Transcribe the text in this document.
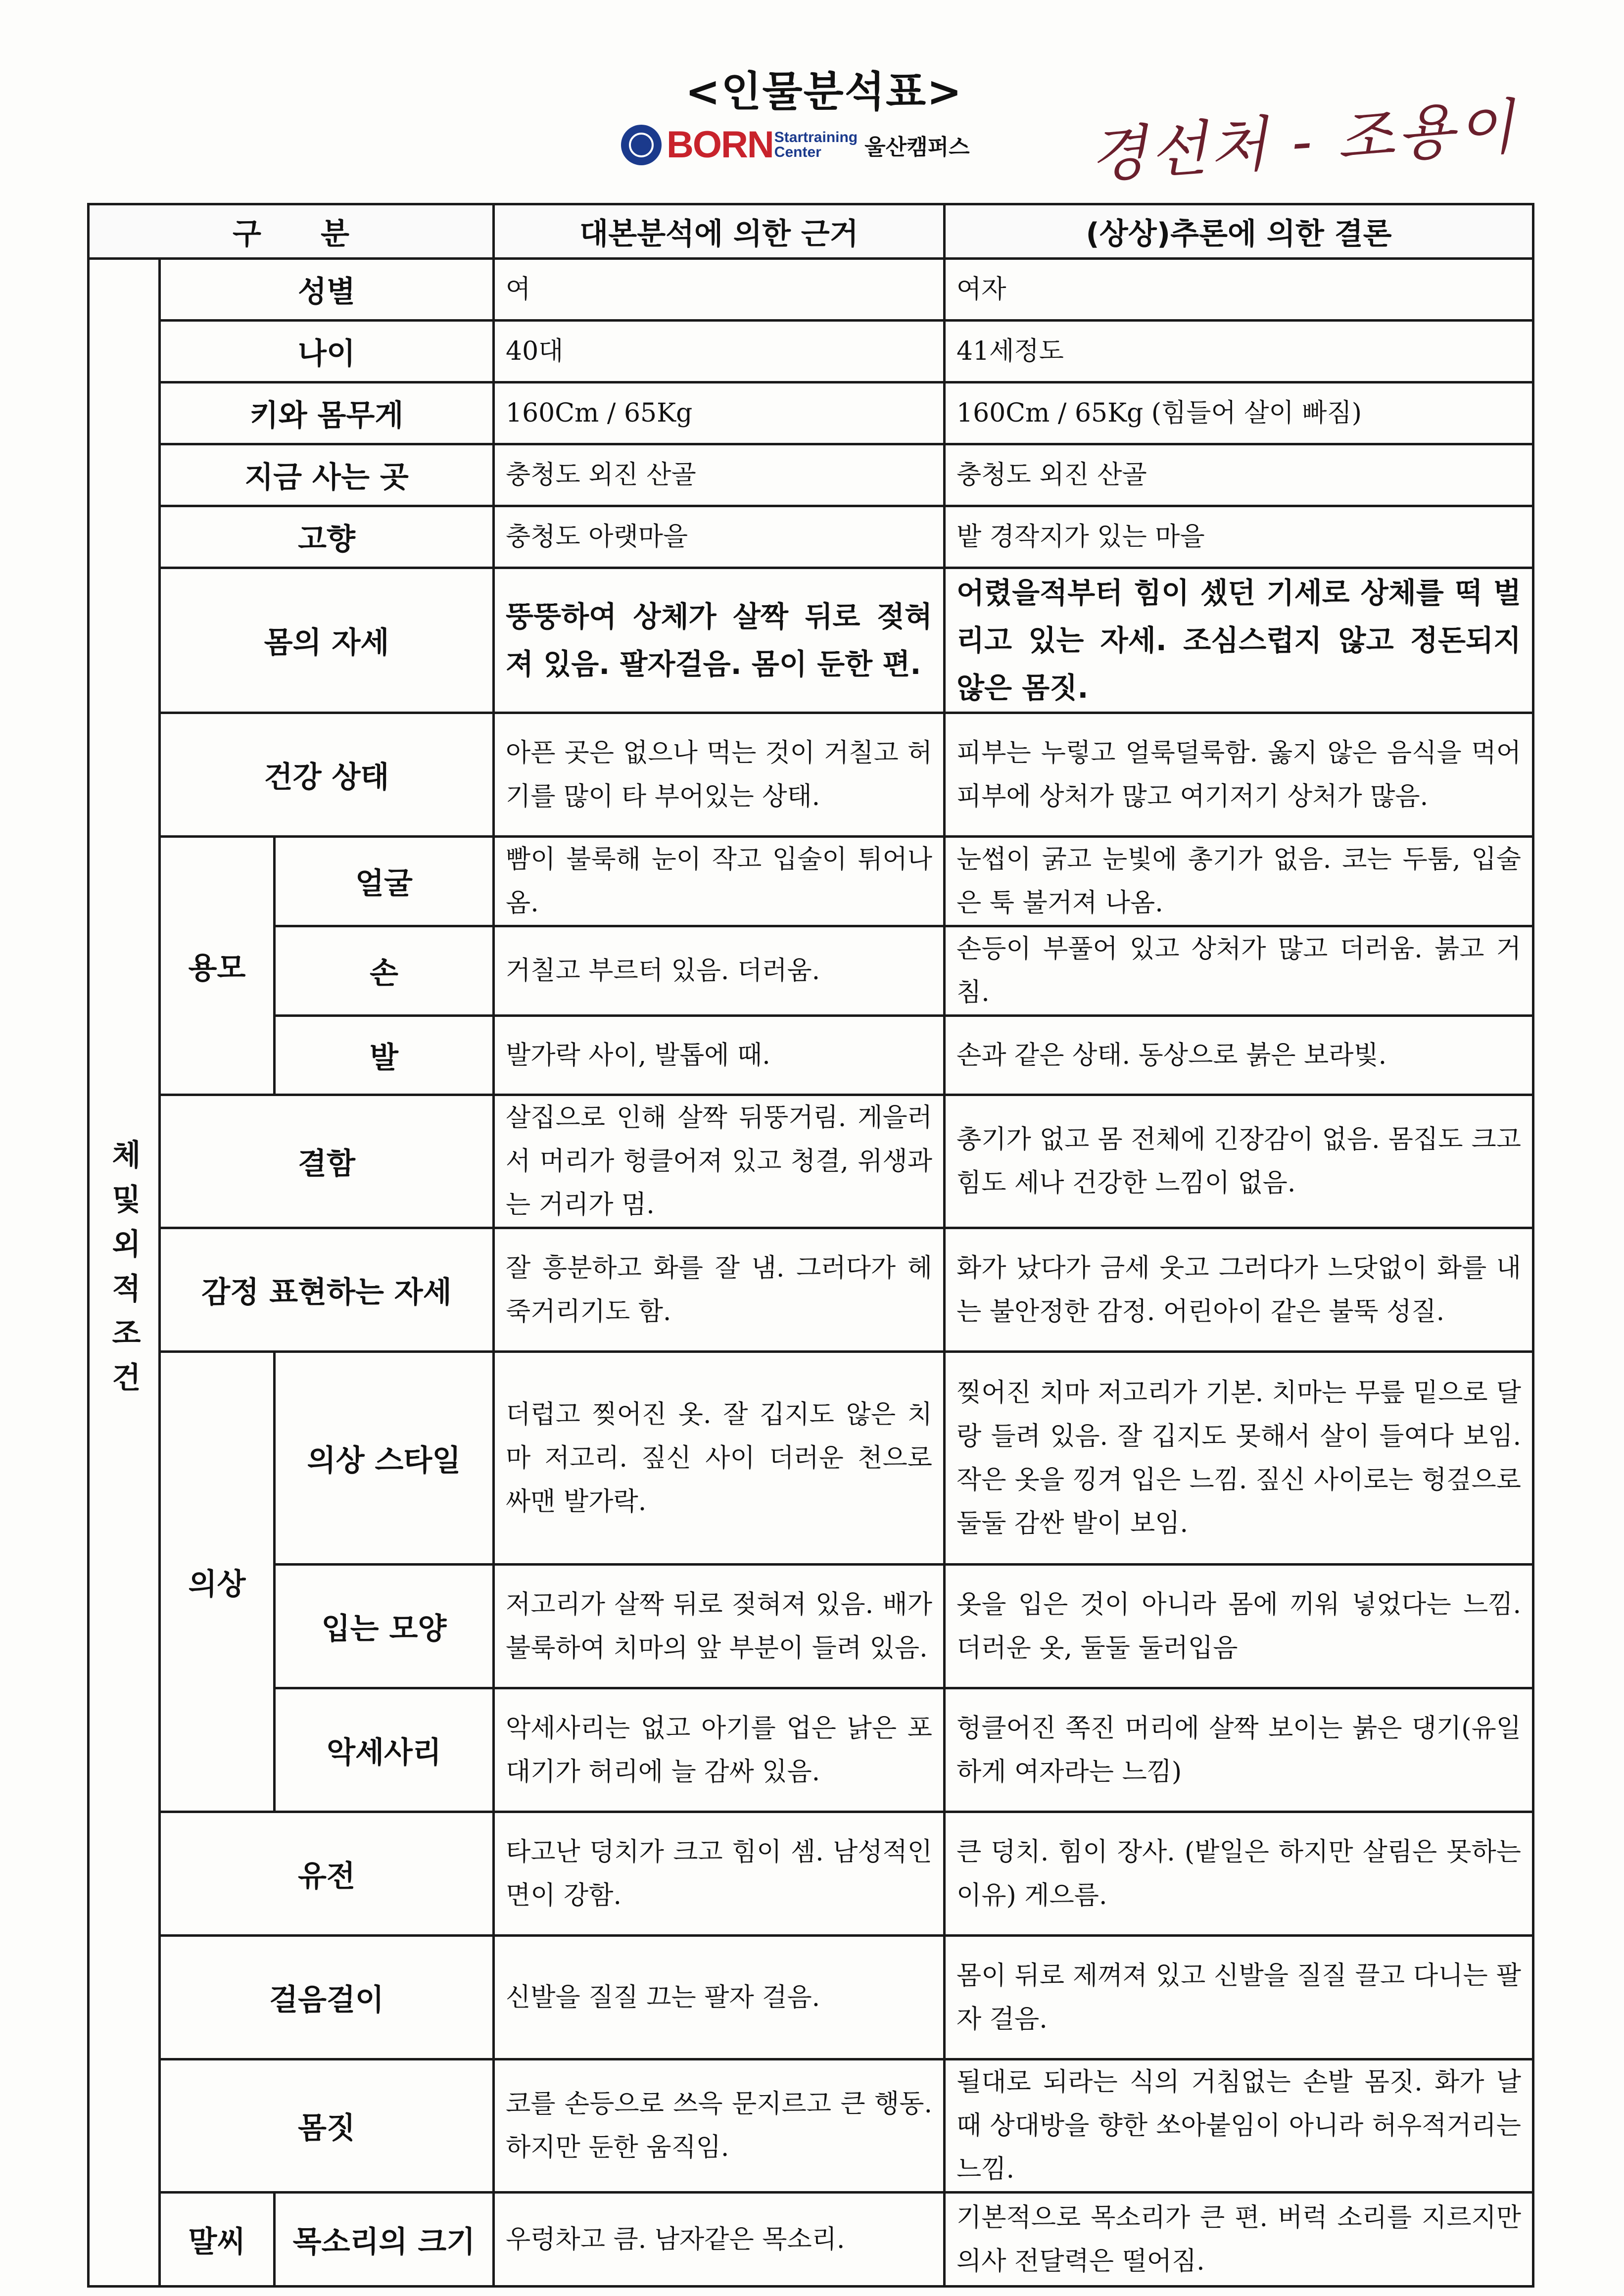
<인물분석표>
BORN Startraining
Center	울산캠퍼스 경선처 - 조용이
구　　분			대본분석에 의한 근거	(상상)추론에 의한 결론
체및외적조건	성별		여	여자
	나이		40대	41세정도
	키와 몸무게		160Cm / 65Kg	160Cm / 65Kg (힘들어 살이 빠짐)
	지금 사는 곳		충청도 외진 산골	충청도 외진 산골
	고향		충청도 아랫마을	밭 경작지가 있는 마을
	몸의 자세		뚱뚱하여 상체가 살짝 뒤로 젖혀져 있음. 팔자걸음. 몸이 둔한 편.	어렸을적부터 힘이 셌던 기세로 상체를 떡 벌리고 있는 자세. 조심스럽지 않고 정돈되지 않은 몸짓.
	건강 상태		아픈 곳은 없으나 먹는 것이 거칠고 허기를 많이 타 부어있는 상태.	피부는 누렇고 얼룩덜룩함. 옳지 않은 음식을 먹어 피부에 상처가 많고 여기저기 상처가 많음.
	용모	얼굴	빰이 불룩해 눈이 작고 입술이 튀어나옴.	눈썹이 굵고 눈빛에 총기가 없음. 코는 두툼, 입술은 툭 불거져 나옴.
		손	거칠고 부르터 있음. 더러움.	손등이 부풀어 있고 상처가 많고 더러움. 붉고 거침.
		발	발가락 사이, 발톱에 때.	손과 같은 상태. 동상으로 붉은 보라빛.
	결함		살집으로 인해 살짝 뒤뚱거림. 게을러서 머리가 헝클어져 있고 청결, 위생과는 거리가 멈.	총기가 없고 몸 전체에 긴장감이 없음. 몸집도 크고 힘도 세나 건강한 느낌이 없음.
	감정 표현하는 자세		잘 흥분하고 화를 잘 냄. 그러다가 헤죽거리기도 함.	화가 났다가 금세 웃고 그러다가 느닷없이 화를 내는 불안정한 감정. 어린아이 같은 불뚝 성질.
	의상	의상 스타일	더럽고 찢어진 옷. 잘 깁지도 않은 치마 저고리. 짚신 사이 더러운 천으로 싸맨 발가락.	찢어진 치마 저고리가 기본. 치마는 무릎 밑으로 달랑 들려 있음. 잘 깁지도 못해서 살이 들여다 보임. 작은 옷을 낑겨 입은 느낌. 짚신 사이로는 헝겊으로 둘둘 감싼 발이 보임.
		입는 모양	저고리가 살짝 뒤로 젖혀져 있음. 배가 불룩하여 치마의 앞 부분이 들려 있음.	옷을 입은 것이 아니라 몸에 끼워 넣었다는 느낌. 더러운 옷, 둘둘 둘러입음
		악세사리	악세사리는 없고 아기를 업은 낡은 포대기가 허리에 늘 감싸 있음.	헝클어진 쪽진 머리에 살짝 보이는 붉은 댕기(유일하게 여자라는 느낌)
	유전		타고난 덩치가 크고 힘이 셈. 남성적인 면이 강함.	큰 덩치. 힘이 장사. (밭일은 하지만 살림은 못하는 이유) 게으름.
	걸음걸이		신발을 질질 끄는 팔자 걸음.	몸이 뒤로 제껴져 있고 신발을 질질 끌고 다니는 팔자 걸음.
	몸짓		코를 손등으로 쓰윽 문지르고 큰 행동. 하지만 둔한 움직임.	될대로 되라는 식의 거침없는 손발 몸짓. 화가 날 때 상대방을 향한 쏘아붙임이 아니라 허우적거리는 느낌.
	말씨	목소리의 크기	우렁차고 큼. 남자같은 목소리.	기본적으로 목소리가 큰 편. 버럭 소리를 지르지만 의사 전달력은 떨어짐.
